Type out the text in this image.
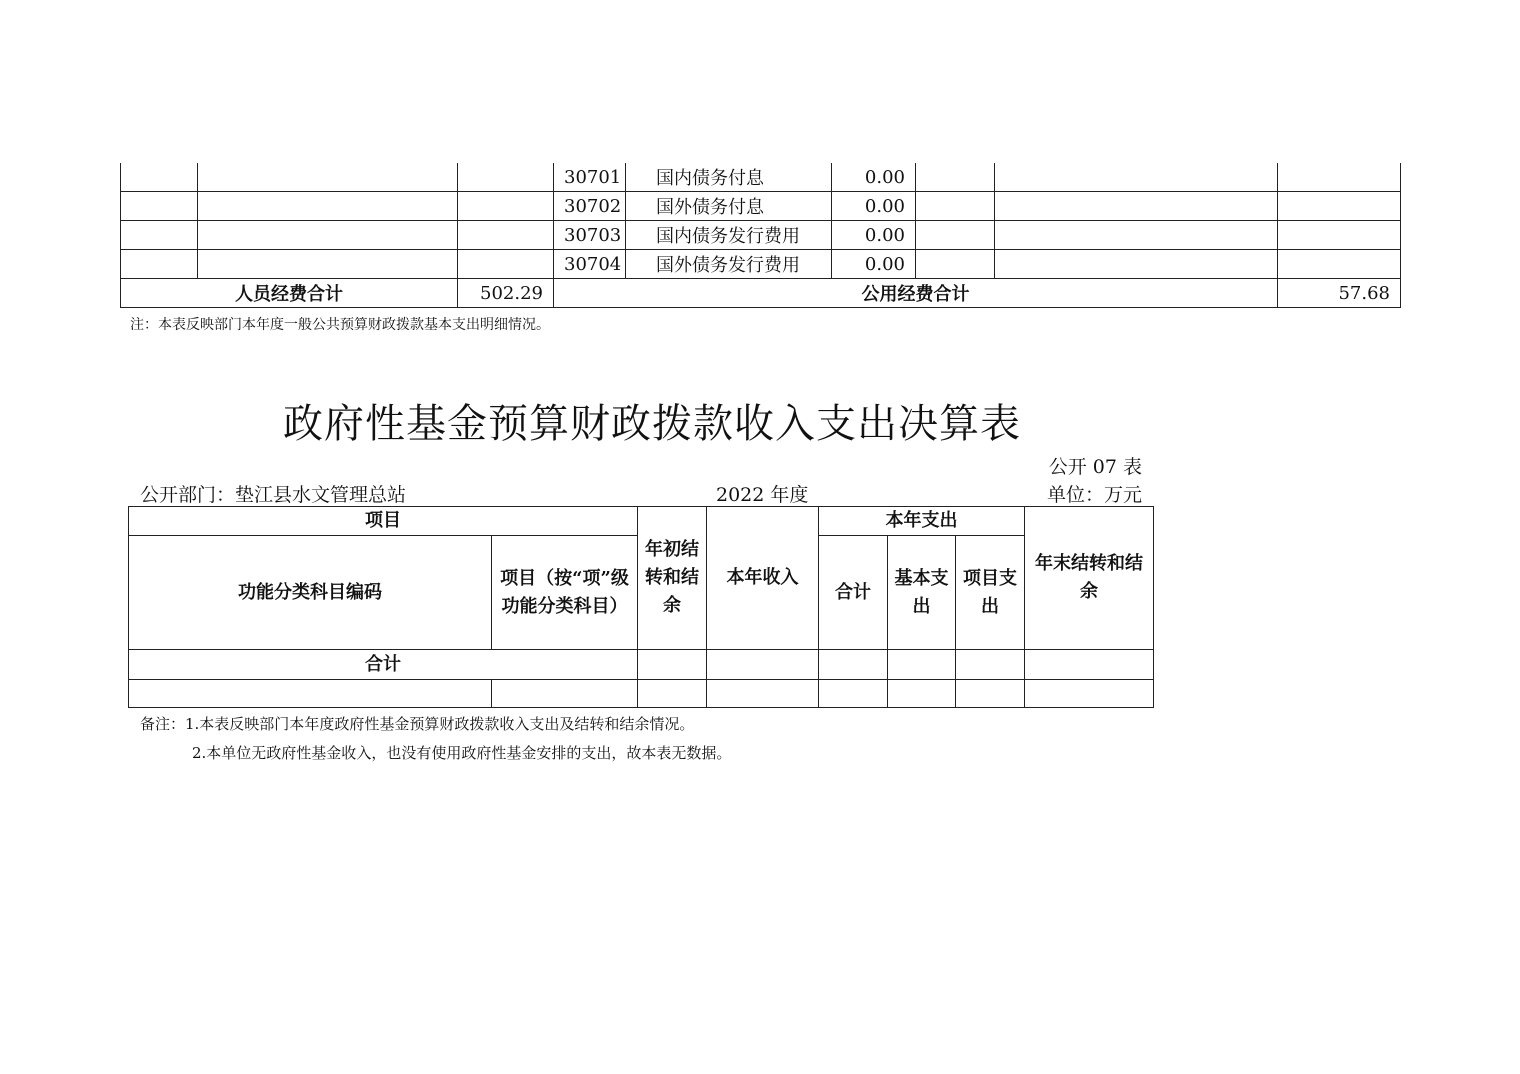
			30701	国内债务付息	0.00			
			30702	国外债务付息	0.00			
			30703	国内债务发行费用	0.00			
			30704	国外债务发行费用	0.00			
人员经费合计		502.29	公用经费合计					57.68
注：本表反映部门本年度一般公共预算财政拨款基本支出明细情况。
政府性基金预算财政拨款收入支出决算表
公开 07 表
公开部门：垫江县水文管理总站	2022 年度	单位：万元
项目		年初结转和结余	本年收入	本年支出			年末结转和结余
功能分类科目编码	项目（按“项”级功能分类科目）			合计	基本支出	项目支出	
合计							

备注：1.本表反映部门本年度政府性基金预算财政拨款收入支出及结转和结余情况。
2.本单位无政府性基金收入，也没有使用政府性基金安排的支出，故本表无数据。
